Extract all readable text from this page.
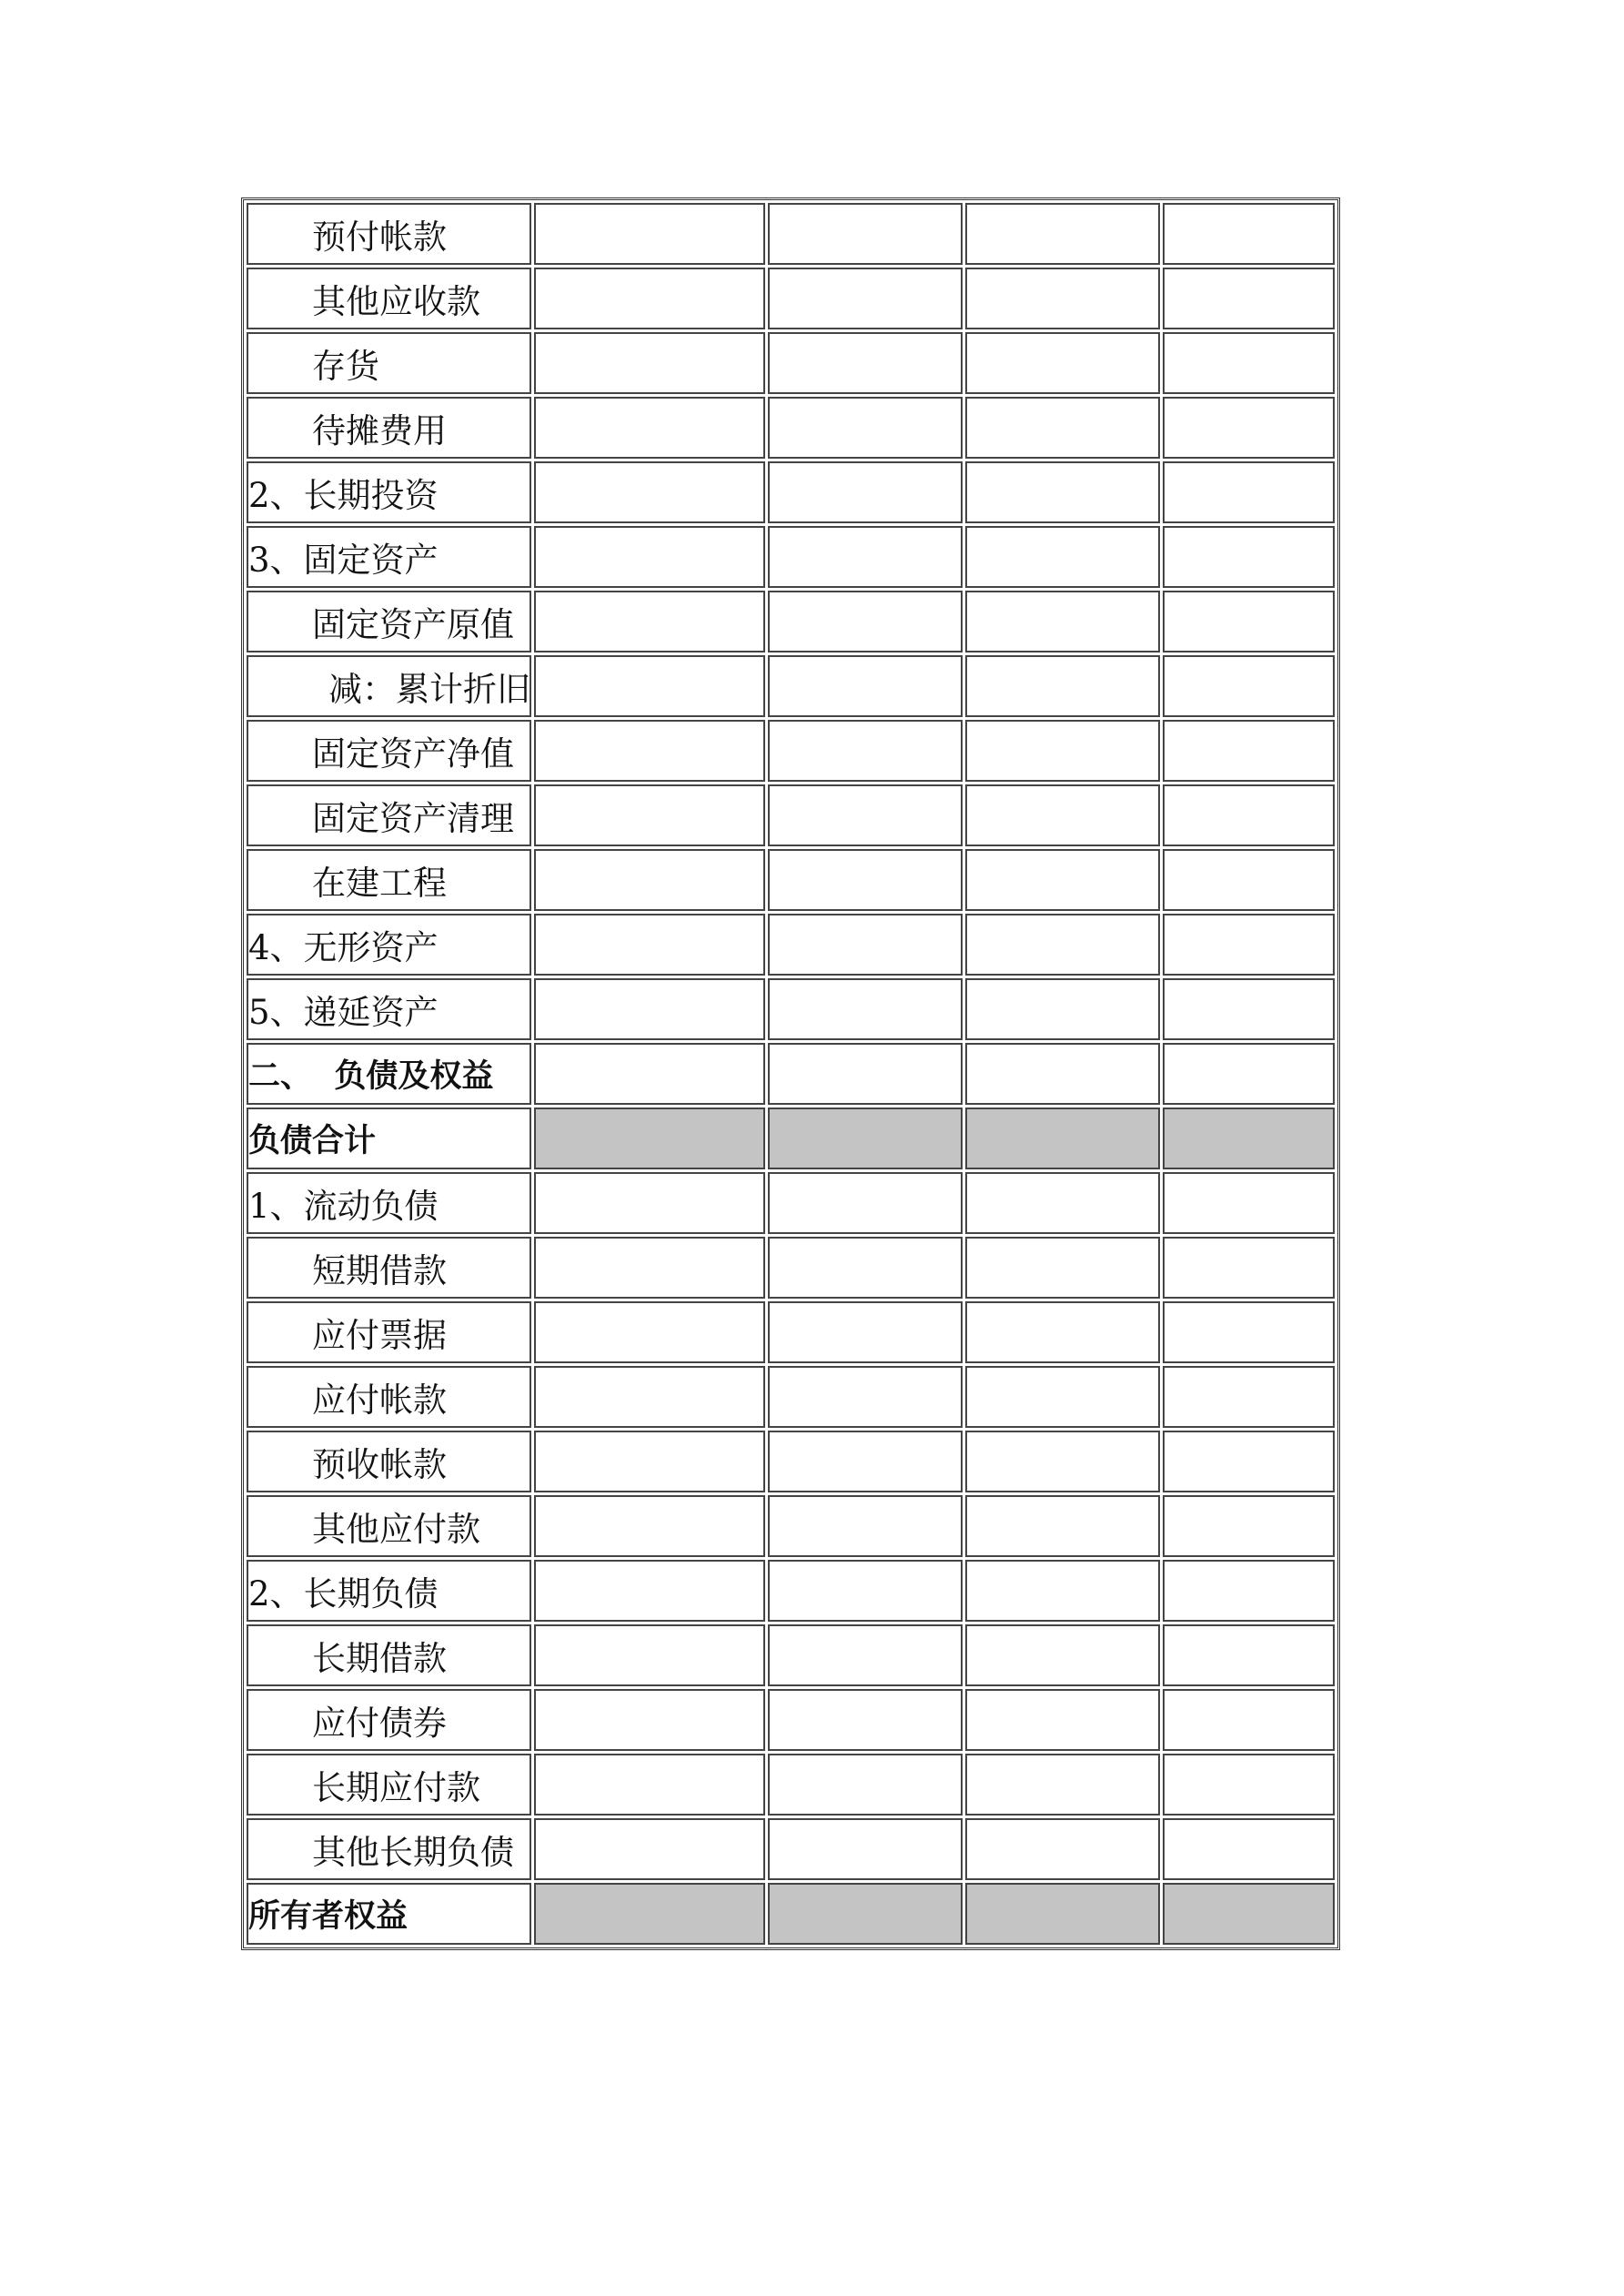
预付帐款				
其他应收款				
存货				
待摊费用				
2、长期投资				
3、固定资产				
固定资产原值				
减：累计折旧				
固定资产净值				
固定资产清理				
在建工程				
4、无形资产				
5、递延资产				
二、  负债及权益				
负债合计				
1、流动负债				
短期借款				
应付票据				
应付帐款				
预收帐款				
其他应付款				
2、长期负债				
长期借款				
应付债券				
长期应付款				
其他长期负债				
所有者权益				
